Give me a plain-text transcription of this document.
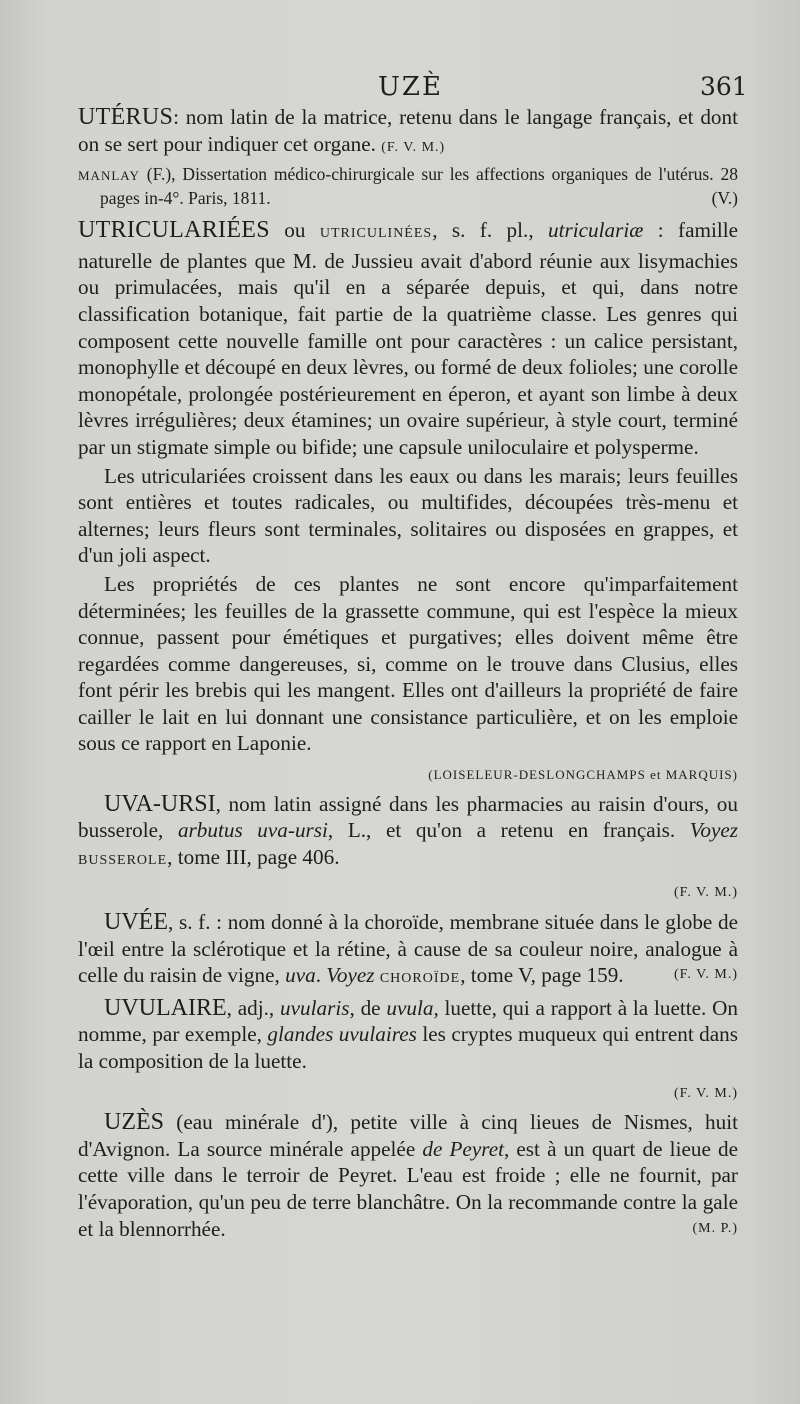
UZÈ	361

UTÉRUS: nom latin de la matrice, retenu dans le langage français, et dont on se sert pour indiquer cet organe. (F. V. M.)

MANLAY (F.), Dissertation médico-chirurgicale sur les affections organiques de l'utérus. 28 pages in-4°. Paris, 1811.	(V.)

UTRICULARIÉES ou UTRICULINÉES, s. f. pl., utriculariæ : famille naturelle de plantes que M. de Jussieu avait d'abord réunie aux lisymachies ou primulacées, mais qu'il en a séparée depuis, et qui, dans notre classification botanique, fait partie de la quatrième classe. Les genres qui composent cette nouvelle famille ont pour caractères : un calice persistant, monophylle et découpé en deux lèvres, ou formé de deux folioles; une corolle monopétale, prolongée postérieurement en éperon, et ayant son limbe à deux lèvres irrégulières; deux étamines; un ovaire supérieur, à style court, terminé par un stigmate simple ou bifide; une capsule uniloculaire et polysperme.

Les utriculariées croissent dans les eaux ou dans les marais; leurs feuilles sont entières et toutes radicales, ou multifides, découpées très-menu et alternes; leurs fleurs sont terminales, solitaires ou disposées en grappes, et d'un joli aspect.

Les propriétés de ces plantes ne sont encore qu'imparfaitement déterminées; les feuilles de la grassette commune, qui est l'espèce la mieux connue, passent pour émétiques et purgatives; elles doivent même être regardées comme dangereuses, si, comme on le trouve dans Clusius, elles font périr les brebis qui les mangent. Elles ont d'ailleurs la propriété de faire cailler le lait en lui donnant une consistance particulière, et on les emploie sous ce rapport en Laponie.

(LOISELEUR-DESLONGCHAMPS et MARQUIS)

UVA-URSI, nom latin assigné dans les pharmacies au raisin d'ours, ou busserole, arbutus uva-ursi, L., et qu'on a retenu en français. Voyez BUSSEROLE, tome III, page 406.

(F. V. M.)

UVÉE, s. f. : nom donné à la choroïde, membrane située dans le globe de l'œil entre la sclérotique et la rétine, à cause de sa couleur noire, analogue à celle du raisin de vigne, uva. Voyez CHOROÏDE, tome V, page 159.	(F. V. M.)

UVULAIRE, adj., uvularis, de uvula, luette, qui a rapport à la luette. On nomme, par exemple, glandes uvulaires les cryptes muqueux qui entrent dans la composition de la luette.

(F. V. M.)

UZÈS (eau minérale d'), petite ville à cinq lieues de Nismes, huit d'Avignon. La source minérale appelée de Peyret, est à un quart de lieue de cette ville dans le terroir de Peyret. L'eau est froide ; elle ne fournit, par l'évaporation, qu'un peu de terre blanchâtre. On la recommande contre la gale et la blennorrhée.	(M. P.)
